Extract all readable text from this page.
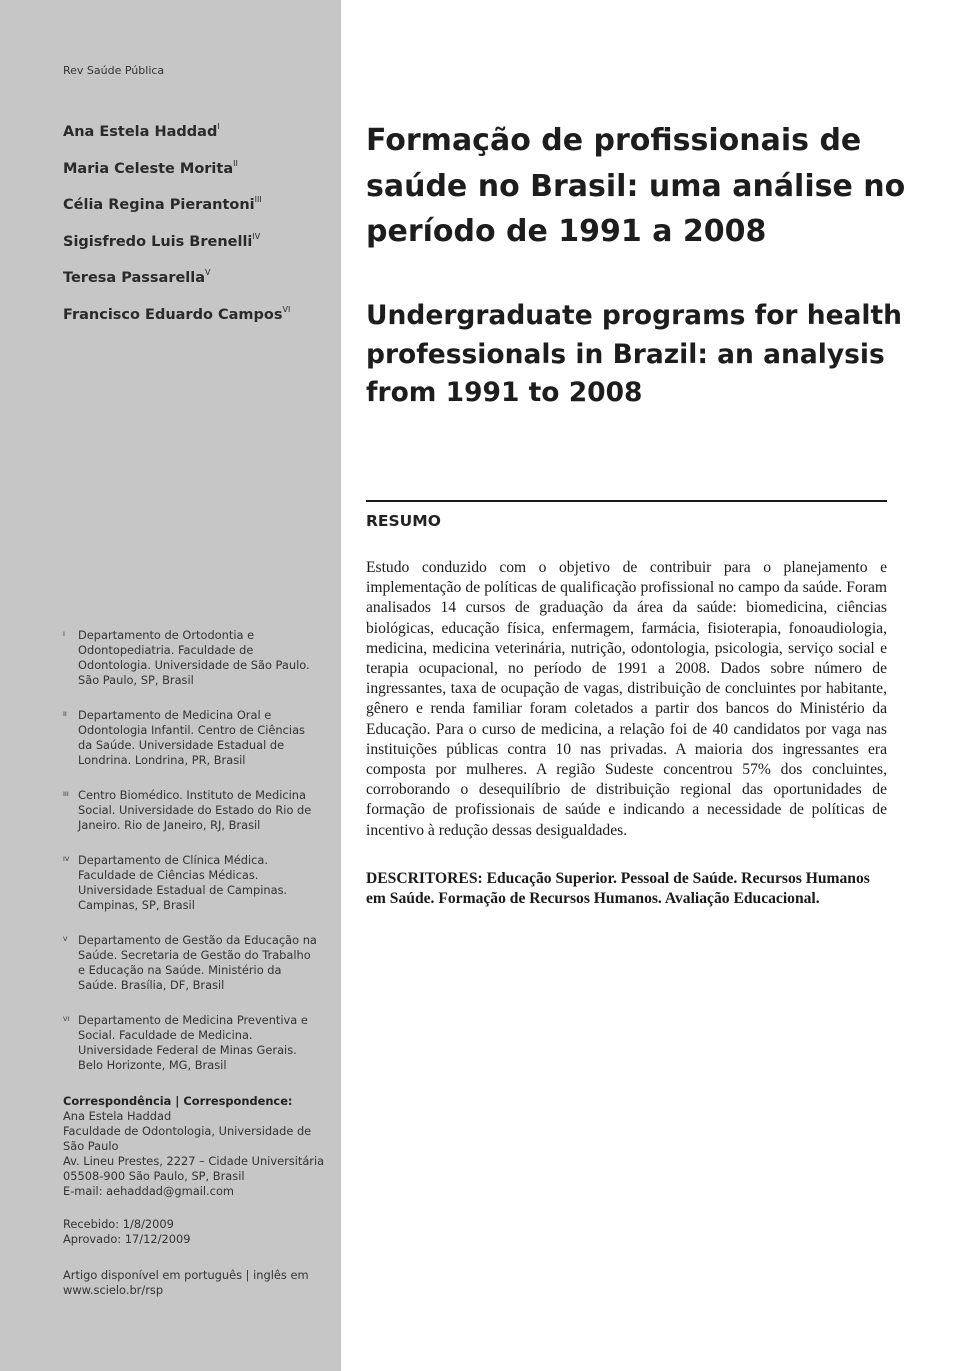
Rev Saúde Pública
Ana Estela Haddad$^I$
Maria Celeste Morita$^{II}$
Célia Regina Pierantoni$^{III}$
Sigisfredo Luis Brenelli$^{IV}$
Teresa Passarella$^V$
Francisco Eduardo Campos$^{VI}$
I	Departamento de Ortodontia e Odontopediatria. Faculdade de Odontologia. Universidade de São Paulo. São Paulo, SP, Brasil
II Departamento de Medicina Oral e Odontologia Infantil. Centro de Ciências da Saúde. Universidade Estadual de Londrina. Londrina, PR, Brasil
III Centro Biomédico. Instituto de Medicina Social. Universidade do Estado do Rio de Janeiro. Rio de Janeiro, RJ, Brasil
IV Departamento de Clínica Médica. Faculdade de Ciências Médicas. Universidade Estadual de Campinas. Campinas, SP, Brasil
V Departamento de Gestão da Educação na Saúde. Secretaria de Gestão do Trabalho e Educação na Saúde. Ministério da Saúde. Brasília, DF, Brasil
VI Departamento de Medicina Preventiva e Social. Faculdade de Medicina. Universidade Federal de Minas Gerais. Belo Horizonte, MG, Brasil
Correspondência | Correspondence:
Ana Estela Haddad
Faculdade de Odontologia, Universidade de São Paulo
Av. Lineu Prestes, 2227 – Cidade Universitária
05508-900 São Paulo, SP, Brasil
E-mail: aehaddad@gmail.com
Recebido: 1/8/2009
Aprovado: 17/12/2009
Artigo disponível em português | inglês em www.scielo.br/rsp
Formação de profissionais de saúde no Brasil: uma análise no período de 1991 a 2008
Undergraduate programs for health professionals in Brazil: an analysis from 1991 to 2008
RESUMO

Estudo conduzido com o objetivo de contribuir para o planejamento e implementação de políticas de qualificação profissional no campo da saúde. Foram analisados 14 cursos de graduação da área da saúde: biomedicina, ciências biológicas, educação física, enfermagem, farmácia, fisioterapia, fonoaudiologia, medicina, medicina veterinária, nutrição, odontologia, psicologia, serviço social e terapia ocupacional, no período de 1991 a 2008. Dados sobre número de ingressantes, taxa de ocupação de vagas, distribuição de concluintes por habitante, gênero e renda familiar foram coletados a partir dos bancos do Ministério da Educação. Para o curso de medicina, a relação foi de 40 candidatos por vaga nas instituições públicas contra 10 nas privadas. A maioria dos ingressantes era composta por mulheres. A região Sudeste concentrou 57% dos concluintes, corroborando o desequilíbrio de distribuição regional das oportunidades de formação de profissionais de saúde e indicando a necessidade de políticas de incentivo à redução dessas desigualdades.

DESCRITORES: Educação Superior. Pessoal de Saúde. Recursos Humanos em Saúde. Formação de Recursos Humanos. Avaliação Educacional.
